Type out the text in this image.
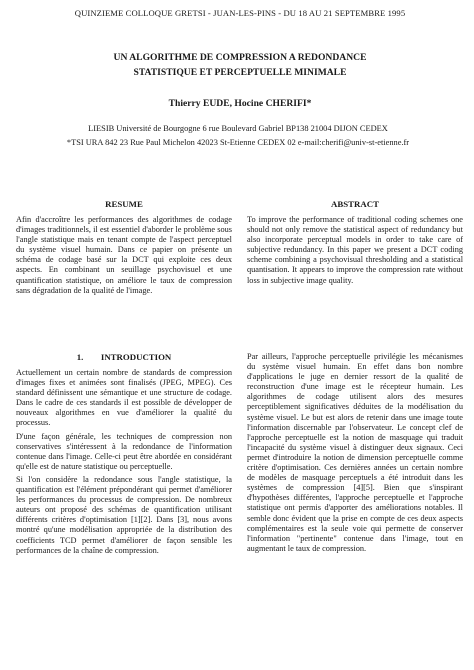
QUINZIEME COLLOQUE GRETSI - JUAN-LES-PINS - DU 18 AU 21 SEPTEMBRE 1995
UN ALGORITHME DE COMPRESSION A REDONDANCE
STATISTIQUE ET PERCEPTUELLE MINIMALE
Thierry EUDE, Hocine CHERIFI*
LIESIB Université de Bourgogne 6 rue Boulevard Gabriel BP138 21004 DIJON CEDEX
*TSI URA 842 23 Rue Paul Michelon 42023 St-Etienne CEDEX 02 e-mail:cherifi@univ-st-etienne.fr

RESUME

Afin d'accroître les performances des algorithmes de codage d'images traditionnels, il est essentiel d'aborder le problème sous l'angle statistique mais en tenant compte de l'aspect perceptuel du système visuel humain. Dans ce papier on présente un schéma de codage basé sur la DCT qui exploite ces deux aspects. En combinant un seuillage psychovisuel et une quantification statistique, on améliore le taux de compression sans dégradation de la qualité de l'image.

ABSTRACT

To improve the performance of traditional coding schemes one should not only remove the statistical aspect of redundancy but also incorporate perceptual models in order to take care of subjective redundancy. In this paper we present a DCT coding scheme combining a psychovisual thresholding and a statistical quantisation. It appears to improve the compression rate without loss in subjective image quality.

1.        INTRODUCTION

Actuellement un certain nombre de standards de compression d'images fixes et animées sont finalisés (JPEG, MPEG). Ces standard définissent une sémantique et une structure de codage. Dans le cadre de ces standards il est possible de développer de nouveaux algorithmes en vue d'améliorer la qualité du processus.

D'une façon générale, les techniques de compression non conservatives s'intéressent à la redondance de l'information contenue dans l'image. Celle-ci peut être abordée en considérant qu'elle est de nature statistique ou perceptuelle.

Si l'on considère la redondance sous l'angle statistique, la quantification est l'élément prépondérant qui permet d'améliorer les performances du processus de compression. De nombreux auteurs ont proposé des schémas de quantification utilisant différents critères d'optimisation [1][2]. Dans [3], nous avons montré qu'une modélisation appropriée de la distribution des coefficients TCD permet d'améliorer de façon sensible les performances de la chaîne de compression.

Par ailleurs, l'approche perceptuelle privilégie les mécanismes du système visuel humain. En effet dans bon nombre d'applications le juge en dernier ressort de la qualité de reconstruction d'une image est le récepteur humain. Les algorithmes de codage utilisent alors des mesures perceptiblement significatives déduites de la modélisation du système visuel. Le but est alors de retenir dans une image toute l'information discernable par l'observateur. Le concept clef de l'approche perceptuelle est la notion de masquage qui traduit l'incapacité du système visuel à distinguer deux signaux. Ceci permet d'introduire la notion de dimension perceptuelle comme critère d'optimisation. Ces dernières années un certain nombre de modèles de masquage perceptuels a été introduit dans les systèmes de compression [4][5]. Bien que s'inspirant d'hypothèses différentes, l'approche perceptuelle et l'approche statistique ont permis d'apporter des améliorations notables. Il semble donc évident que la prise en compte de ces deux aspects complémentaires est la seule voie qui permette de conserver l'information "pertinente" contenue dans l'image, tout en augmentant le taux de compression.
